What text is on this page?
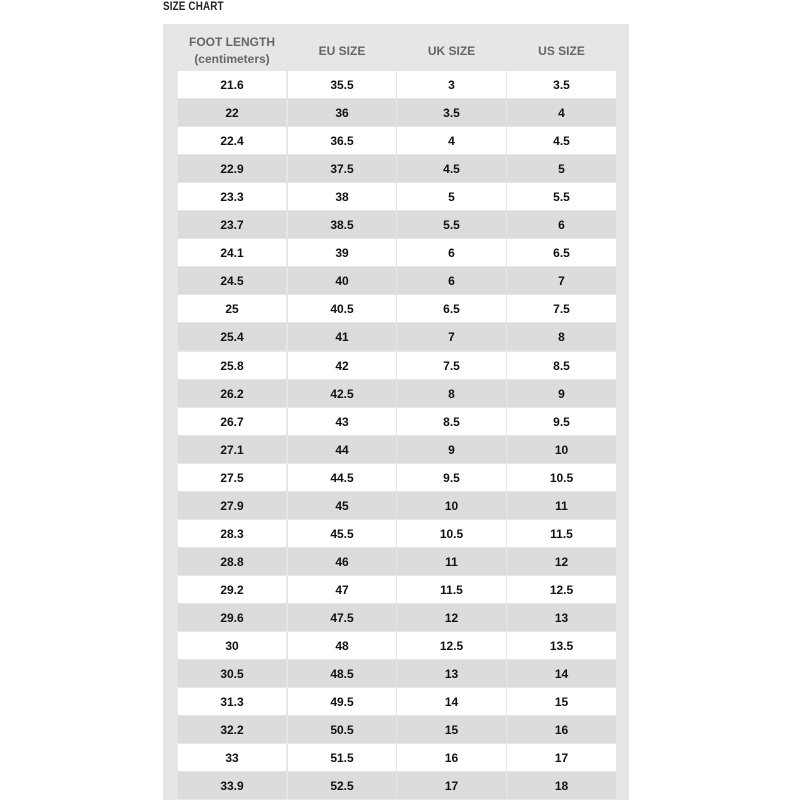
SIZE CHART
FOOT LENGTH
(centimeters)
EU SIZE	UK SIZE	US SIZE
21.6	35.5	3	3.5
22	36	3.5	4
22.4	36.5	4	4.5
22.9	37.5	4.5	5
23.3	38	5	5.5
23.7	38.5	5.5	6
24.1	39	6	6.5
24.5	40	6	7
25	40.5	6.5	7.5
25.4	41	7	8
25.8	42	7.5	8.5
26.2	42.5	8	9
26.7	43	8.5	9.5
27.1	44	9	10
27.5	44.5	9.5	10.5
27.9	45	10	11
28.3	45.5	10.5	11.5
28.8	46	11	12
29.2	47	11.5	12.5
29.6	47.5	12	13
30	48	12.5	13.5
30.5	48.5	13	14
31.3	49.5	14	15
32.2	50.5	15	16
33	51.5	16	17
33.9	52.5	17	18
